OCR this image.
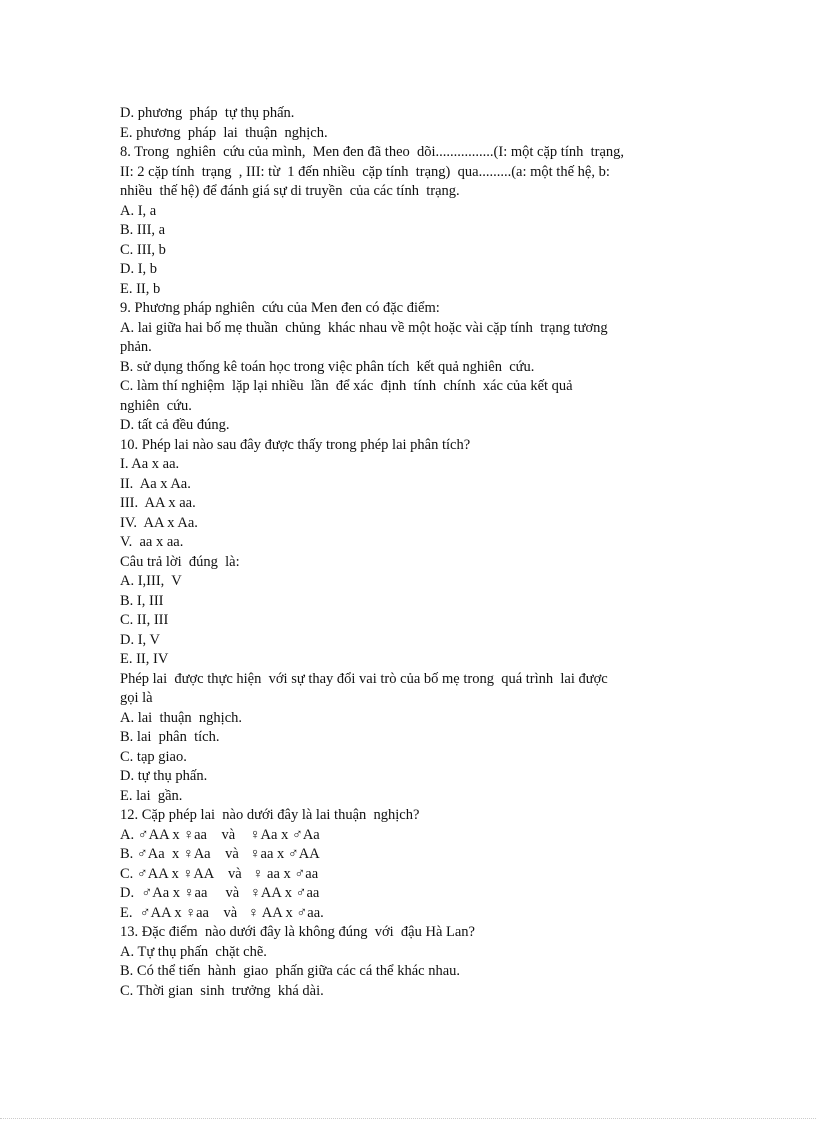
D. phương  pháp  tự thụ phấn.
E. phương  pháp  lai  thuận  nghịch.
8. Trong  nghiên  cứu của mình,  Men đen đã theo  dõi................(I: một cặp tính  trạng,
II: 2 cặp tính  trạng  , III: từ  1 đến nhiều  cặp tính  trạng)  qua.........(a: một thế hệ, b:
nhiều  thế hệ) để đánh giá sự di truyền  của các tính  trạng.
A. I, a
B. III, a
C. III, b
D. I, b
E. II, b
9. Phương pháp nghiên  cứu của Men đen có đặc điểm:
A. lai giữa hai bố mẹ thuần  chủng  khác nhau về một hoặc vài cặp tính  trạng tương
phản.
B. sử dụng thống kê toán học trong việc phân tích  kết quả nghiên  cứu.
C. làm thí nghiệm  lặp lại nhiều  lần  để xác  định  tính  chính  xác của kết quả
nghiên  cứu.
D. tất cả đều đúng.
10. Phép lai nào sau đây được thấy trong phép lai phân tích?
I. Aa x aa.
II.  Aa x Aa.
III.  AA x aa.
IV.  AA x Aa.
V.  aa x aa.
Câu trả lời  đúng  là:
A. I,III,  V
B. I, III
C. II, III
D. I, V
E. II, IV
Phép lai  được thực hiện  với sự thay đổi vai trò của bố mẹ trong  quá trình  lai được
gọi là
A. lai  thuận  nghịch.
B. lai  phân  tích.
C. tạp giao.
D. tự thụ phấn.
E. lai  gần.
12. Cặp phép lai  nào dưới đây là lai thuận  nghịch?
A. ♂AA x ♀aa    và    ♀Aa x ♂Aa
B. ♂Aa  x ♀Aa    và   ♀aa x ♂AA
C. ♂AA x ♀AA    và   ♀ aa x ♂aa
D.  ♂Aa x ♀aa     và   ♀AA x ♂aa
E.  ♂AA x ♀aa    và   ♀ AA x ♂aa.
13. Đặc điểm  nào dưới đây là không đúng  với  đậu Hà Lan?
A. Tự thụ phấn  chặt chẽ.
B. Có thể tiến  hành  giao  phấn giữa các cá thể khác nhau.
C. Thời gian  sinh  trưởng  khá dài.
